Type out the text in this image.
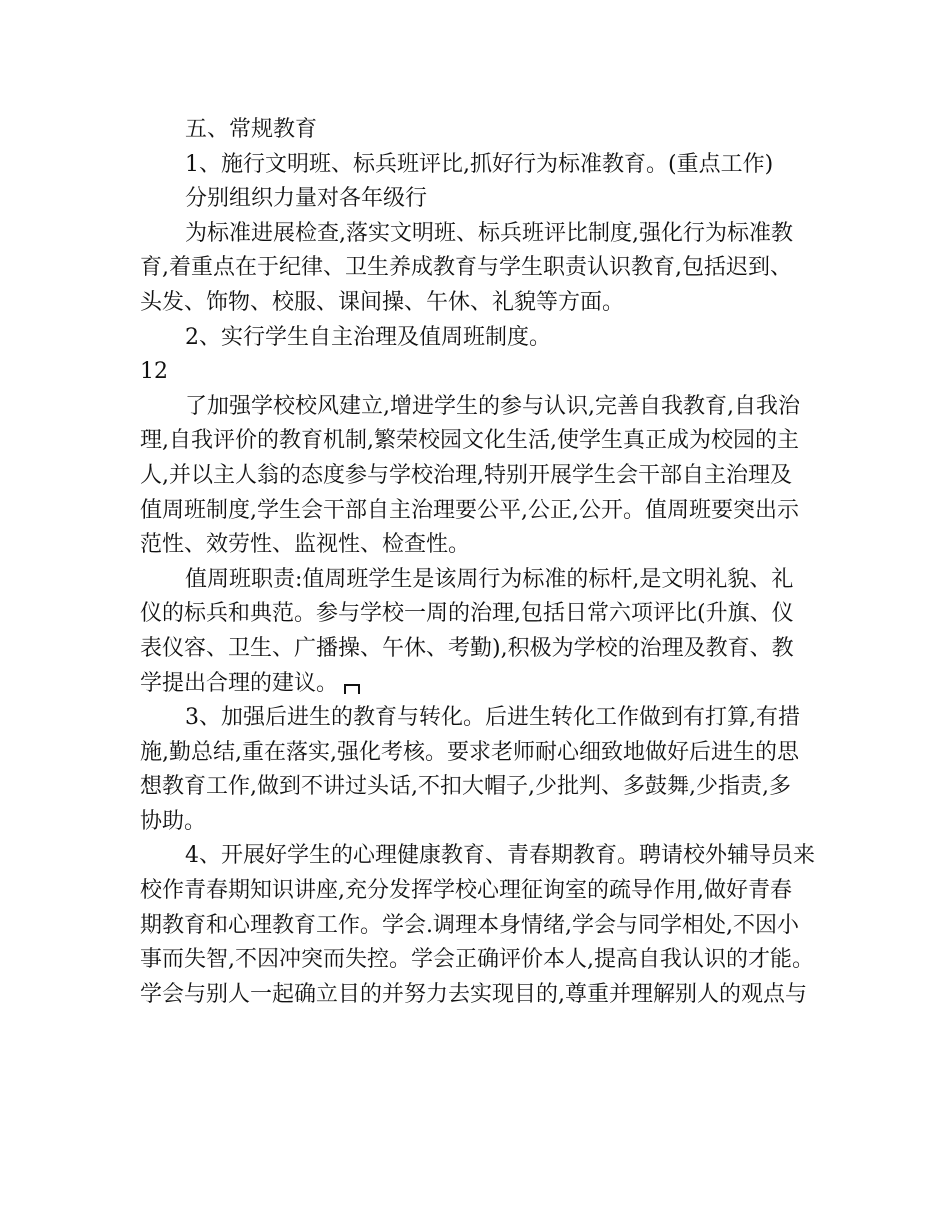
五、常规教育

1、施行文明班、标兵班评比,抓好行为标准教育。(重点工作)

分别组织力量对各年级行

为标准进展检查,落实文明班、标兵班评比制度,强化行为标准教

育,着重点在于纪律、卫生养成教育与学生职责认识教育,包括迟到、

头发、饰物、校服、课间操、午休、礼貌等方面。

2、实行学生自主治理及值周班制度。

12

了加强学校校风建立,增进学生的参与认识,完善自我教育,自我治

理,自我评价的教育机制,繁荣校园文化生活,使学生真正成为校园的主

人,并以主人翁的态度参与学校治理,特别开展学生会干部自主治理及

值周班制度,学生会干部自主治理要公平,公正,公开。值周班要突出示

范性、效劳性、监视性、检查性。

值周班职责:值周班学生是该周行为标准的标杆,是文明礼貌、礼

仪的标兵和典范。参与学校一周的治理,包括日常六项评比(升旗、仪

表仪容、卫生、广播操、午休、考勤),积极为学校的治理及教育、教

学提出合理的建议。

3、加强后进生的教育与转化。后进生转化工作做到有打算,有措

施,勤总结,重在落实,强化考核。要求老师耐心细致地做好后进生的思

想教育工作,做到不讲过头话,不扣大帽子,少批判、多鼓舞,少指责,多

协助。

4、开展好学生的心理健康教育、青春期教育。聘请校外辅导员来

校作青春期知识讲座,充分发挥学校心理征询室的疏导作用,做好青春

期教育和心理教育工作。学会.调理本身情绪,学会与同学相处,不因小

事而失智,不因冲突而失控。学会正确评价本人,提高自我认识的才能。

学会与别人一起确立目的并努力去实现目的,尊重并理解别人的观点与
